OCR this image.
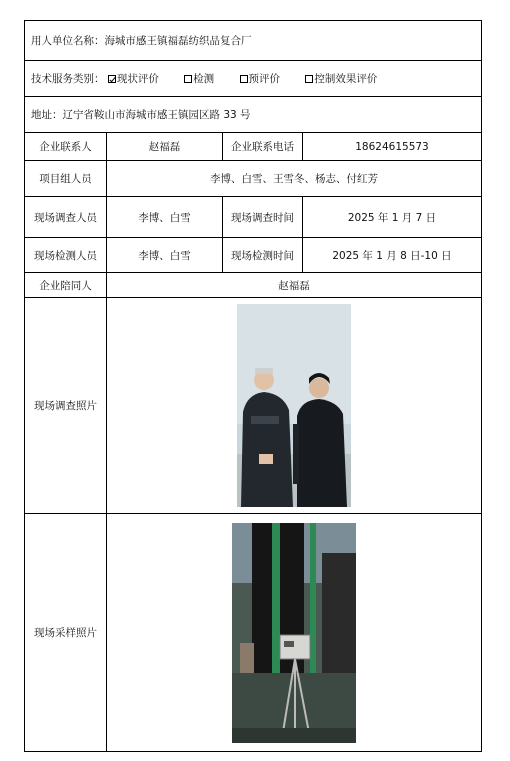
用人单位名称：海城市感王镇福磊纺织品复合厂			
技术服务类别： 现状评价 检测 预评价 控制效果评价			
地址：辽宁省鞍山市海城市感王镇园区路 33 号			
企业联系人	赵福磊	企业联系电话	18624615573
项目组人员	李博、白雪、王雪冬、杨志、付红芳		
现场调查人员	李博、白雪	现场调查时间	2025 年 1 月 7 日
现场检测人员	李博、白雪	现场检测时间	2025 年 1 月 8 日-10 日
企业陪同人	赵福磊		
现场调查照片	

现场采样照片	
